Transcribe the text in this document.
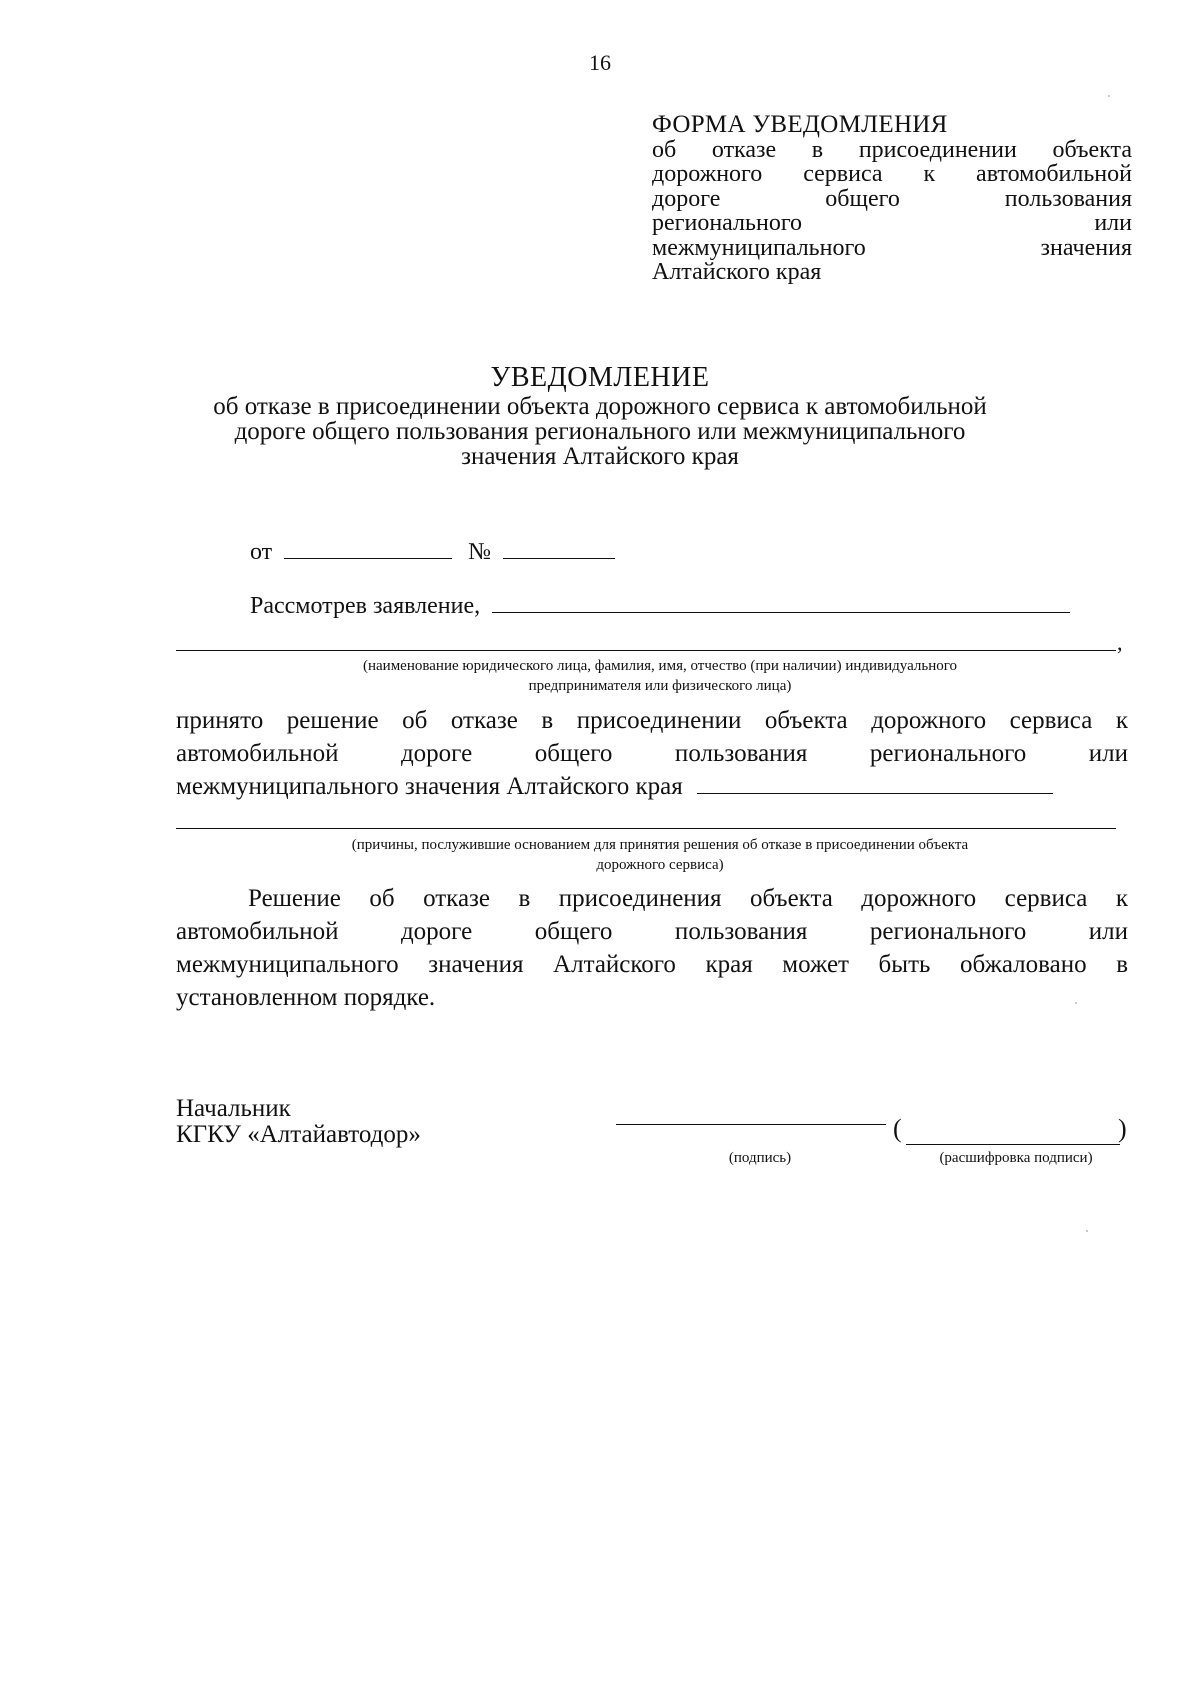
16
ФОРМА УВЕДОМЛЕНИЯ
об отказе в присоединении объекта
дорожного сервиса к автомобильной
дороге общего пользования
регионального или
межмуниципального значения
Алтайского края
УВЕДОМЛЕНИЕ
об отказе в присоединении объекта дорожного сервиса к автомобильной
дороге общего пользования регионального или межмуниципального
значения Алтайского края
от	№
Рассмотрев заявление,
,
(наименование юридического лица, фамилия, имя, отчество (при наличии) индивидуального
предпринимателя или физического лица)
принято решение об отказе в присоединении объекта дорожного сервиса к
автомобильной дороге общего пользования регионального или
межмуниципального значения Алтайского края
(причины, послужившие основанием для принятия решения об отказе в присоединении объекта
дорожного сервиса)
Решение об отказе в присоединения объекта дорожного сервиса к
автомобильной дороге общего пользования регионального или
межмуниципального значения Алтайского края может быть обжаловано в
установленном порядке.
Начальник
КГКУ «Алтайавтодор»	(	)
(подпись)	(расшифровка подписи)
